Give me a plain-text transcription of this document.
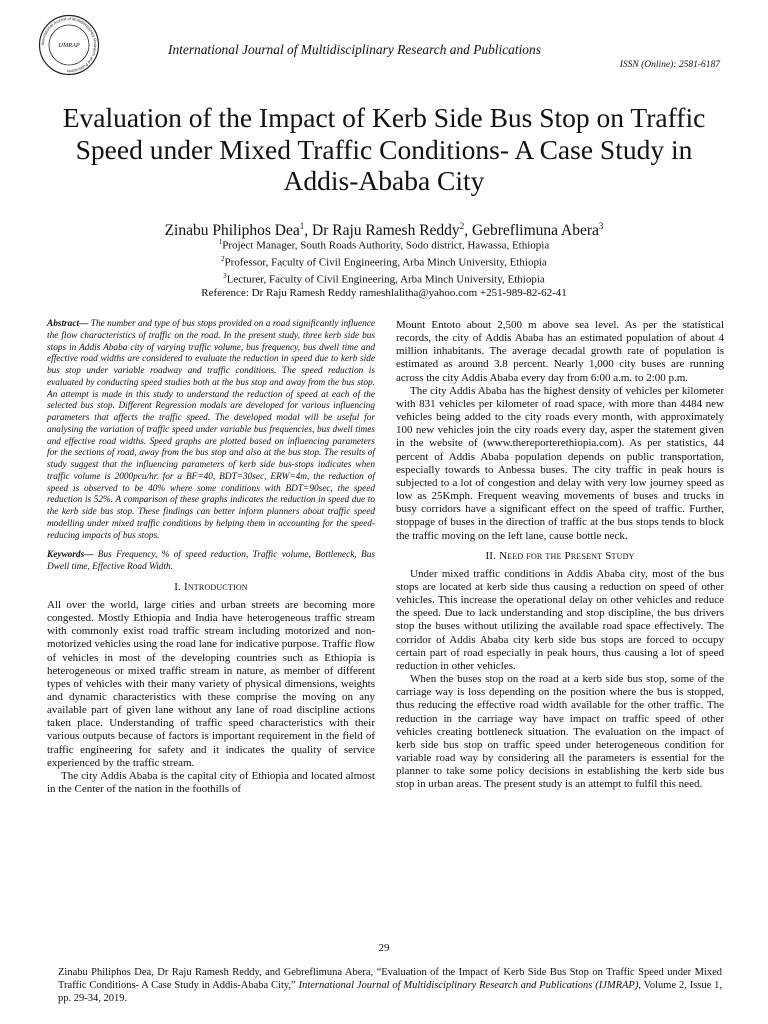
International Journal of Multidisciplinary Research and Publications
IJMRAP	International Journal of Multidisciplinary Research and Publications
ISSN (Online): 2581-6187
Evaluation of the Impact of Kerb Side Bus Stop on Traffic Speed under Mixed Traffic Conditions- A Case Study in Addis-Ababa City
Zinabu Philiphos Dea$^1$, Dr Raju Ramesh Reddy$^2$, Gebreflimuna Abera$^3$
$^1$Project Manager, South Roads Authority, Sodo district, Hawassa, Ethiopia
$^2$Professor, Faculty of Civil Engineering, Arba Minch University, Ethiopia
$^3$Lecturer, Faculty of Civil Engineering, Arba Minch University, Ethiopia
Reference: Dr Raju Ramesh Reddy rameshlalitha@yahoo.com +251-989-82-62-41

Abstract— The number and type of bus stops provided on a road significantly influence the flow characteristics of traffic on the road. In the present study, three kerb side bus stops in Addis Ababa city of varying traffic volume, bus frequency, bus dwell time and effective road widths are considered to evaluate the reduction in speed due to kerb side bus stop under variable roadway and traffic conditions. The speed reduction is evaluated by conducting speed studies both at the bus stop and away from the bus stop. An attempt is made in this study to understand the reduction of speed at each of the selected bus stop. Different Regression modals are developed for various influencing parameters that affects the traffic speed. The developed modal will be useful for analysing the variation of traffic speed under variable bus frequencies, bus dwell times and effective road widths. Speed graphs are plotted based on influencing parameters for the sections of road, away from the bus stop and also at the bus stop. The results of study suggest that the influencing parameters of kerb side bus-stops indicates when traffic volume is 2000pcu/hr. for a BF=40, BDT=30sec, ERW=4m, the reduction of speed is observed to be 40% where some conditions with BDT=90sec, the speed reduction is 52%. A comparison of these graphs indicates the reduction in speed due to the kerb side bus stop. These findings can better inform planners about traffic speed modelling under mixed traffic conditions by helping them in accounting for the speed-reducing impacts of bus stops.

Keywords— Bus Frequency, % of speed reduction, Traffic volume, Bottleneck, Bus Dwell time, Effective Road Width.

I. Introduction

All over the world, large cities and urban streets are becoming more congested. Mostly Ethiopia and India have heterogeneous traffic stream with commonly exist road traffic stream including motorized and non-motorized vehicles using the road lane for indicative purpose. Traffic flow of vehicles in most of the developing countries such as Ethiopia is heterogeneous or mixed traffic stream in nature, as member of different types of vehicles with their many variety of physical dimensions, weights and dynamic characteristics with these comprise the moving on any available part of given lane without any lane of road discipline actions taken place. Understanding of traffic speed characteristics with their various outputs because of factors is important requirement in the field of traffic engineering for safety and it indicates the quality of service experienced by the traffic stream.

The city Addis Ababa is the capital city of Ethiopia and located almost in the Center of the nation in the foothills of

Mount Entoto about 2,500 m above sea level. As per the statistical records, the city of Addis Ababa has an estimated population of about 4 million inhabitants. The average decadal growth rate of population is estimated as around 3.8 percent. Nearly 1,000 city buses are running across the city Addis Ababa every day from 6:00 a.m. to 2:00 p.m.

The city Addis Ababa has the highest density of vehicles per kilometer with 831 vehicles per kilometer of road space, with more than 4484 new vehicles being added to the city roads every month, with approximately 100 new vehicles join the city roads every day, asper the statement given in the website of (www.thereporterethiopia.com). As per statistics, 44 percent of Addis Ababa population depends on public transportation, especially towards to Anbessa buses. The city traffic in peak hours is subjected to a lot of congestion and delay with very low journey speed as low as 25Kmph. Frequent weaving movements of buses and trucks in busy corridors have a significant effect on the speed of traffic. Further, stoppage of buses in the direction of traffic at the bus stops tends to block the traffic moving on the left lane, cause bottle neck.

II. Need for the Present Study

Under mixed traffic conditions in Addis Ababa city, most of the bus stops are located at kerb side thus causing a reduction on speed of other vehicles. This increase the operational delay on other vehicles and reduce the speed. Due to lack understanding and stop discipline, the bus drivers stop the buses without utilizing the available road space effectively. The corridor of Addis Ababa city kerb side bus stops are forced to occupy certain part of road especially in peak hours, thus causing a lot of speed reduction in other vehicles.

When the buses stop on the road at a kerb side bus stop, some of the carriage way is loss depending on the position where the bus is stopped, thus reducing the effective road width available for the other traffic. The reduction in the carriage way have impact on traffic speed of other vehicles creating bottleneck situation. The evaluation on the impact of kerb side bus stop on traffic speed under heterogeneous condition for variable road way by considering all the parameters is essential for the planner to take some policy decisions in establishing the kerb side bus stop in urban areas. The present study is an attempt to fulfil this need.

29
Zinabu Philiphos Dea, Dr Raju Ramesh Reddy, and Gebreflimuna Abera, “Evaluation of the Impact of Kerb Side Bus Stop on Traffic Speed under Mixed Traffic Conditions- A Case Study in Addis-Ababa City,” International Journal of Multidisciplinary Research and Publications (IJMRAP), Volume 2, Issue 1, pp. 29-34, 2019.
